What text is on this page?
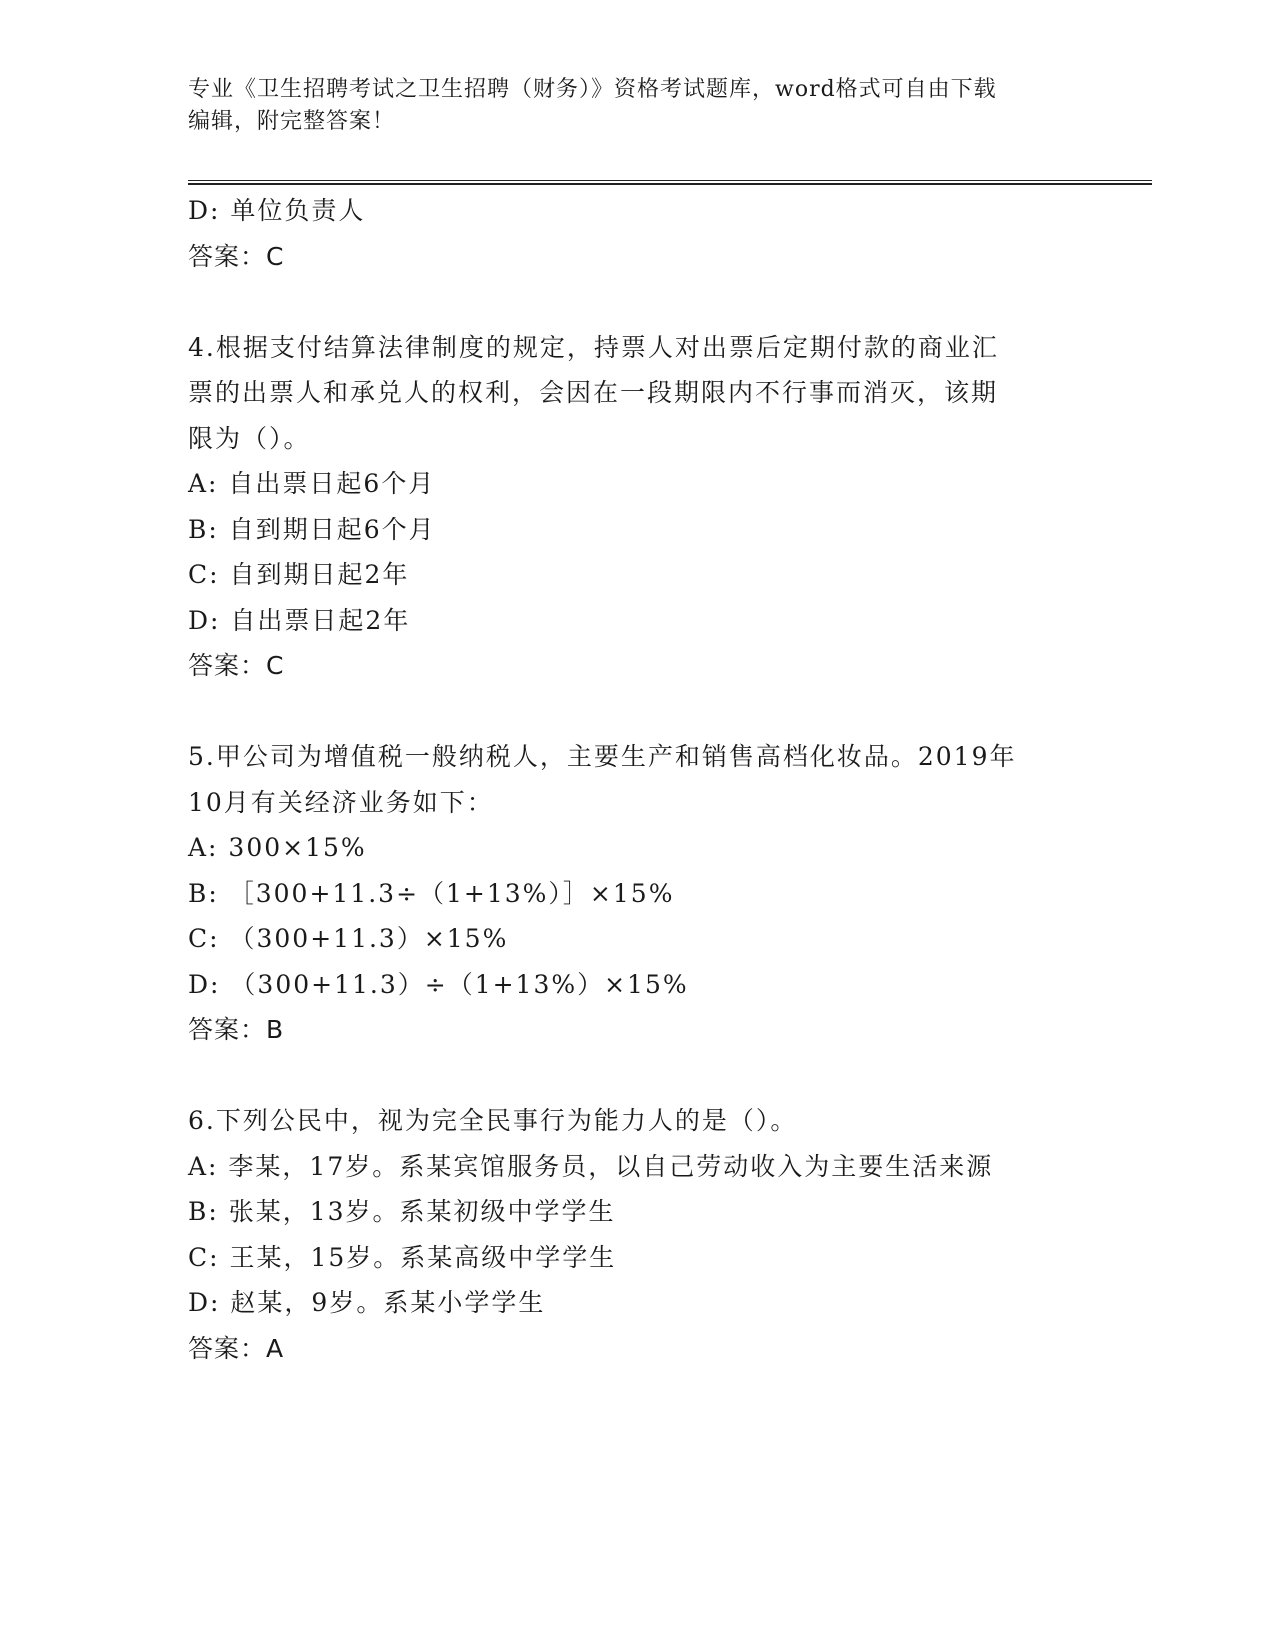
专业《卫生招聘考试之卫生招聘（财务）》资格考试题库，word格式可自由下载
编辑，附完整答案！
D: 单位负责人
答案：C
4.根据支付结算法律制度的规定，持票人对出票后定期付款的商业汇
票的出票人和承兑人的权利，会因在一段期限内不行事而消灭，该期
限为（）。
A: 自出票日起6个月
B: 自到期日起6个月
C: 自到期日起2年
D: 自出票日起2年
答案：C
5.甲公司为增值税一般纳税人，主要生产和销售高档化妆品。2019年
10月有关经济业务如下：
A: 300×15%
B: ［300+11.3÷（1+13%）］×15%
C: （300+11.3）×15%
D: （300+11.3）÷（1+13%）×15%
答案：B
6.下列公民中，视为完全民事行为能力人的是（）。
A: 李某，17岁。系某宾馆服务员，以自己劳动收入为主要生活来源
B: 张某，13岁。系某初级中学学生
C: 王某，15岁。系某高级中学学生
D: 赵某，9岁。系某小学学生
答案：A
